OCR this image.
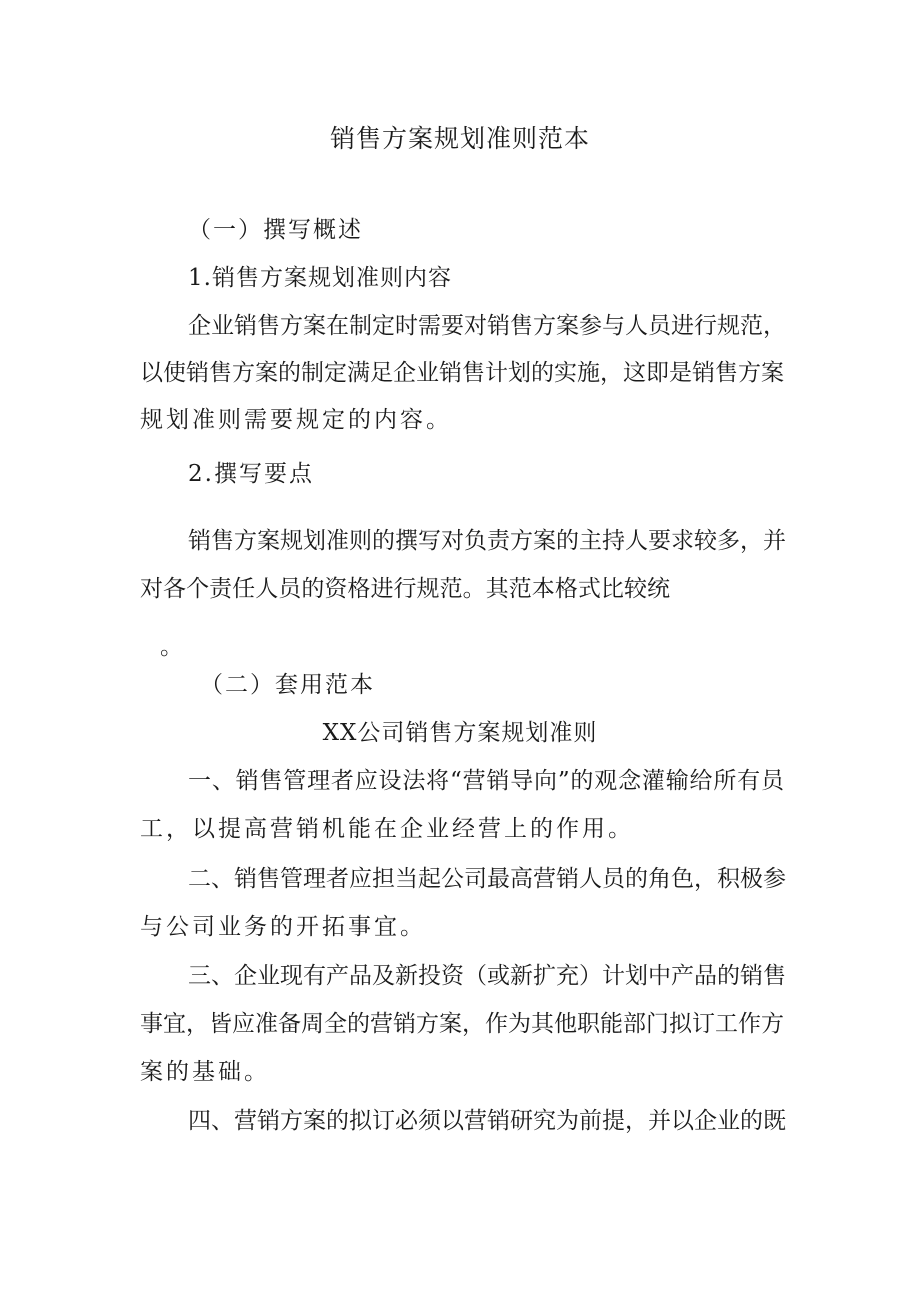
销售方案规划准则范本
（一）撰写概述
1.销售方案规划准则内容
企业销售方案在制定时需要对销售方案参与人员进行规范，
以使销售方案的制定满足企业销售计划的实施，这即是销售方案
规划准则需要规定的内容。
2.撰写要点
销售方案规划准则的撰写对负责方案的主持人要求较多，并
对各个责任人员的资格进行规范。其范本格式比较统
。
（二）套用范本
XX公司销售方案规划准则
一、销售管理者应设法将“营销导向”的观念灌输给所有员
工，以提高营销机能在企业经营上的作用。
二、销售管理者应担当起公司最高营销人员的角色，积极参
与公司业务的开拓事宜。
三、企业现有产品及新投资（或新扩充）计划中产品的销售
事宜，皆应准备周全的营销方案，作为其他职能部门拟订工作方
案的基础。
四、营销方案的拟订必须以营销研究为前提，并以企业的既
